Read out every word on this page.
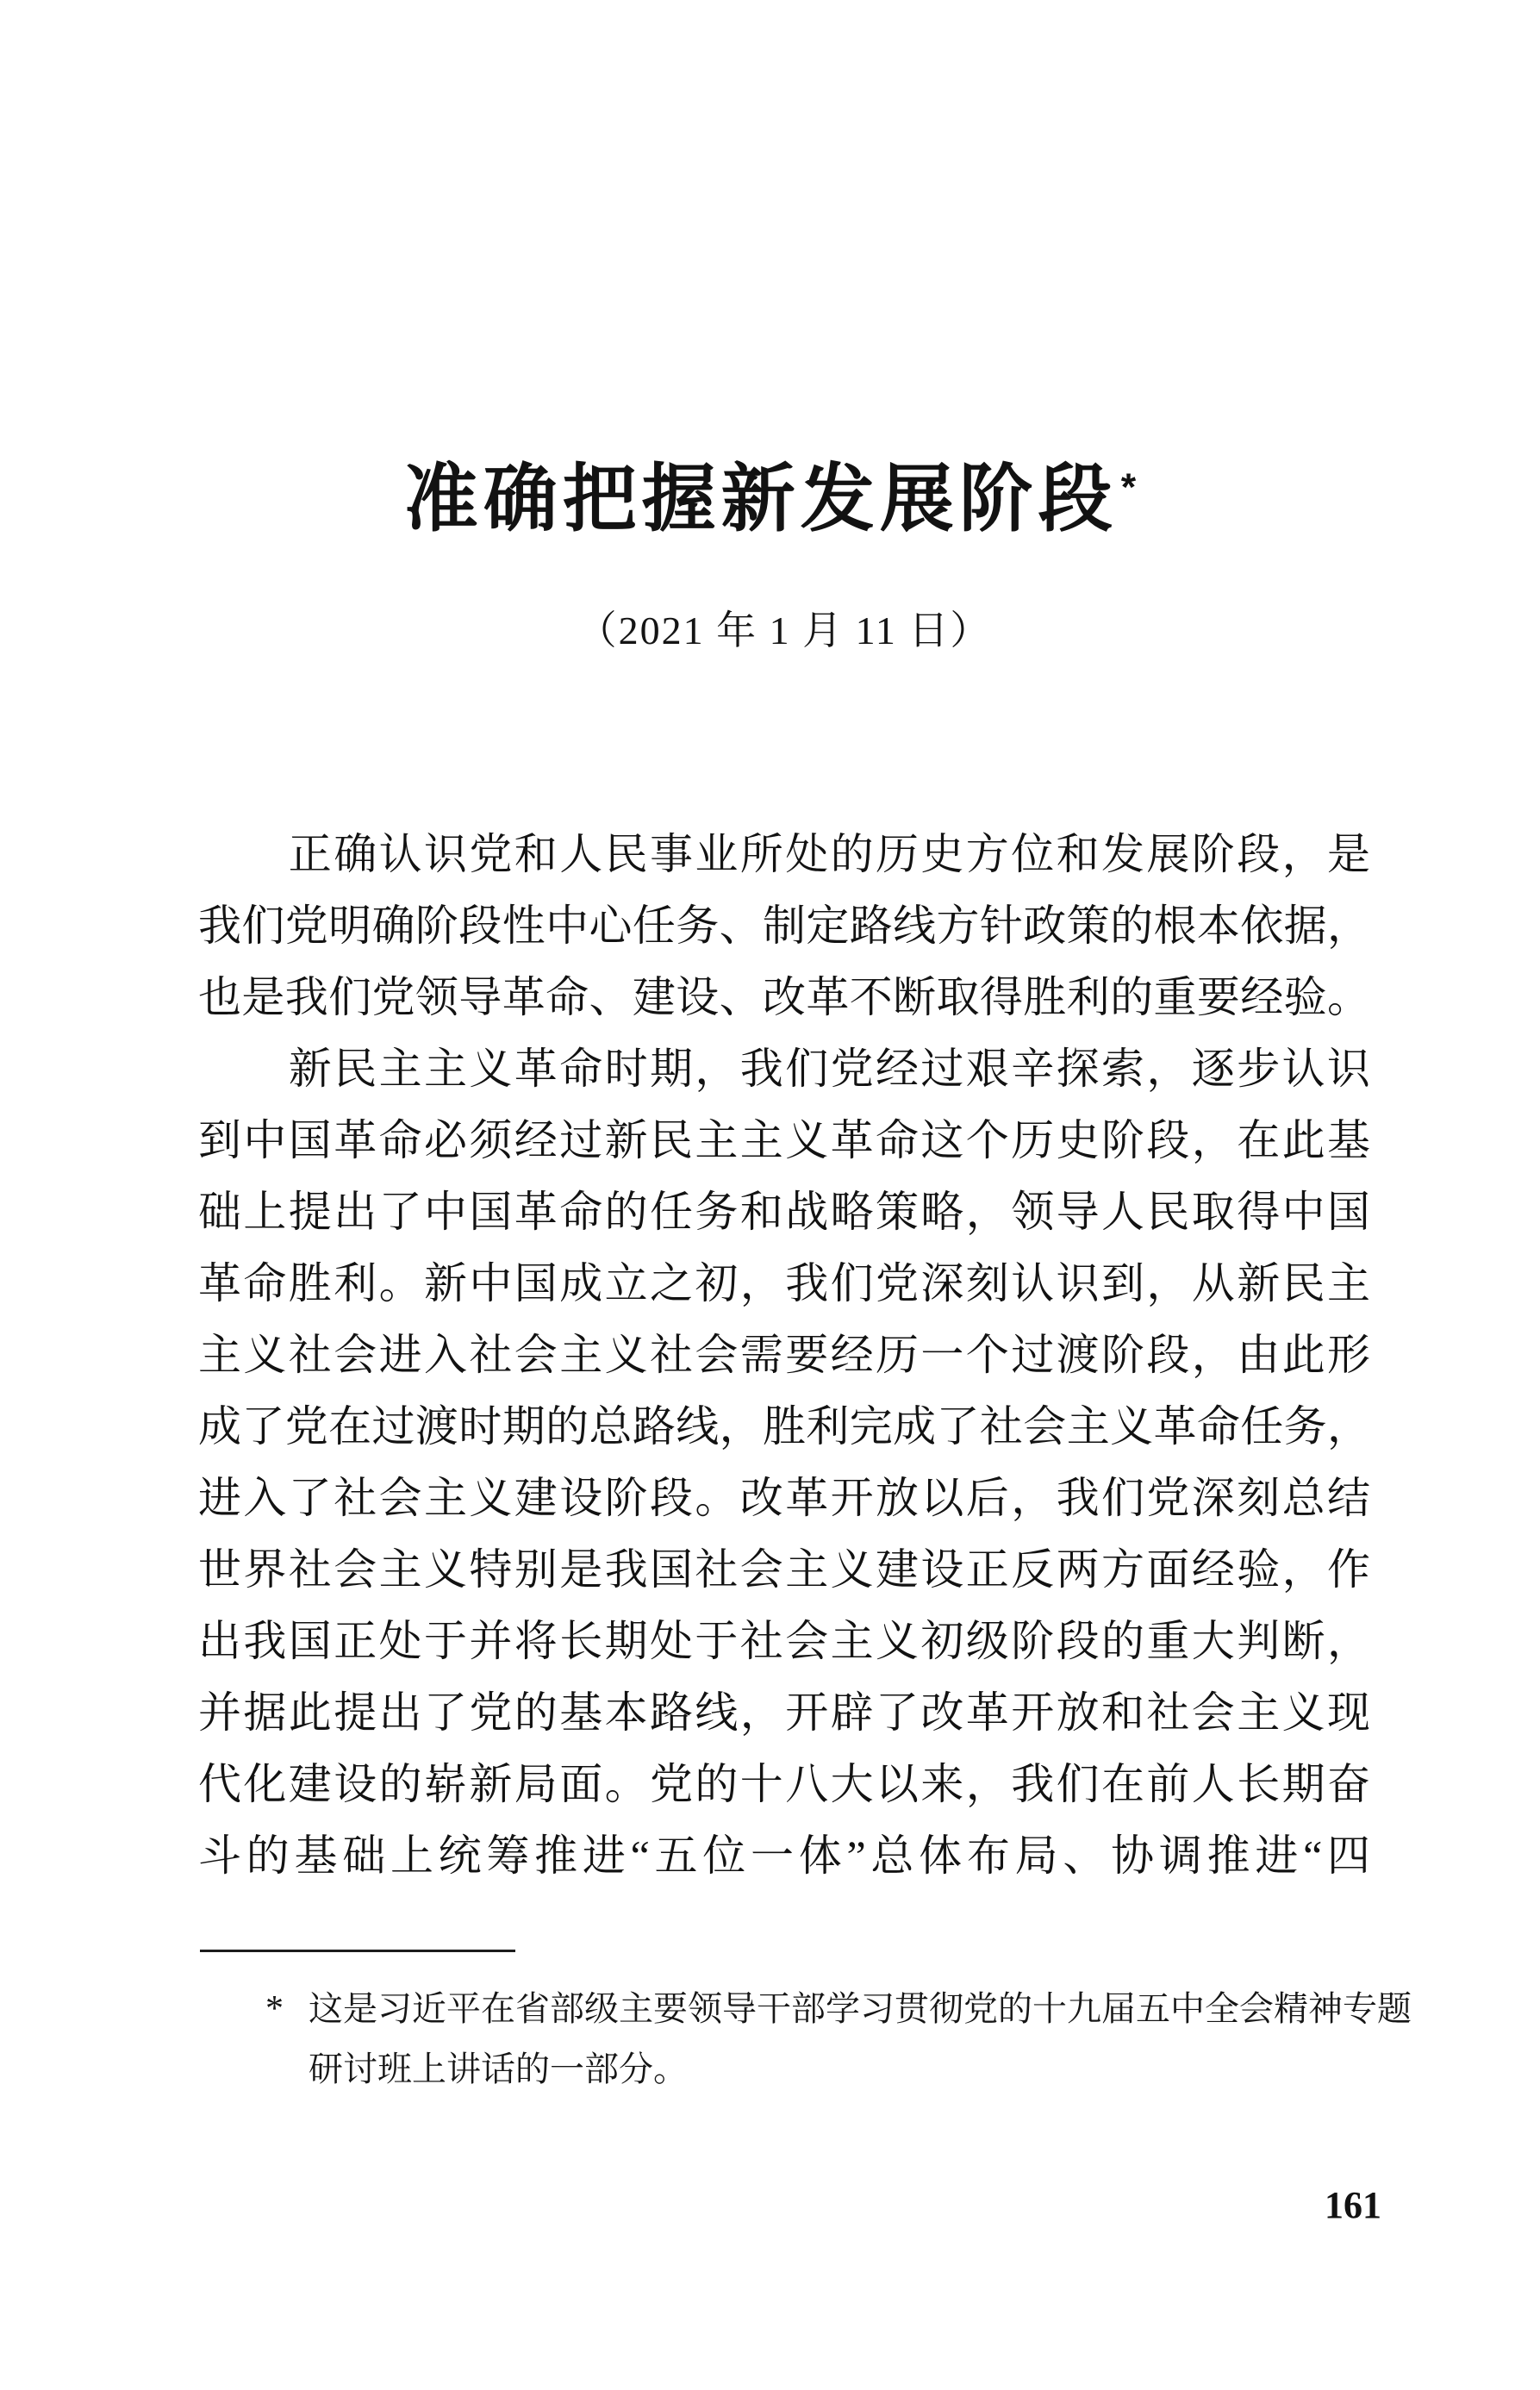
准确把握新发展阶段*
（2021 年 1 月 11 日）
　　正确认识党和人民事业所处的历史方位和发展阶段，是
我们党明确阶段性中心任务、制定路线方针政策的根本依据，
也是我们党领导革命、建设、改革不断取得胜利的重要经验。
　　新民主主义革命时期，我们党经过艰辛探索，逐步认识
到中国革命必须经过新民主主义革命这个历史阶段，在此基
础上提出了中国革命的任务和战略策略，领导人民取得中国
革命胜利。新中国成立之初，我们党深刻认识到，从新民主
主义社会进入社会主义社会需要经历一个过渡阶段，由此形
成了党在过渡时期的总路线，胜利完成了社会主义革命任务，
进入了社会主义建设阶段。改革开放以后，我们党深刻总结
世界社会主义特别是我国社会主义建设正反两方面经验，作
出我国正处于并将长期处于社会主义初级阶段的重大判断，
并据此提出了党的基本路线，开辟了改革开放和社会主义现
代化建设的崭新局面。党的十八大以来，我们在前人长期奋
斗的基础上统筹推进“五位一体”总体布局、协调推进“四
* 这是习近平在省部级主要领导干部学习贯彻党的十九届五中全会精神专题
研讨班上讲话的一部分。
161
